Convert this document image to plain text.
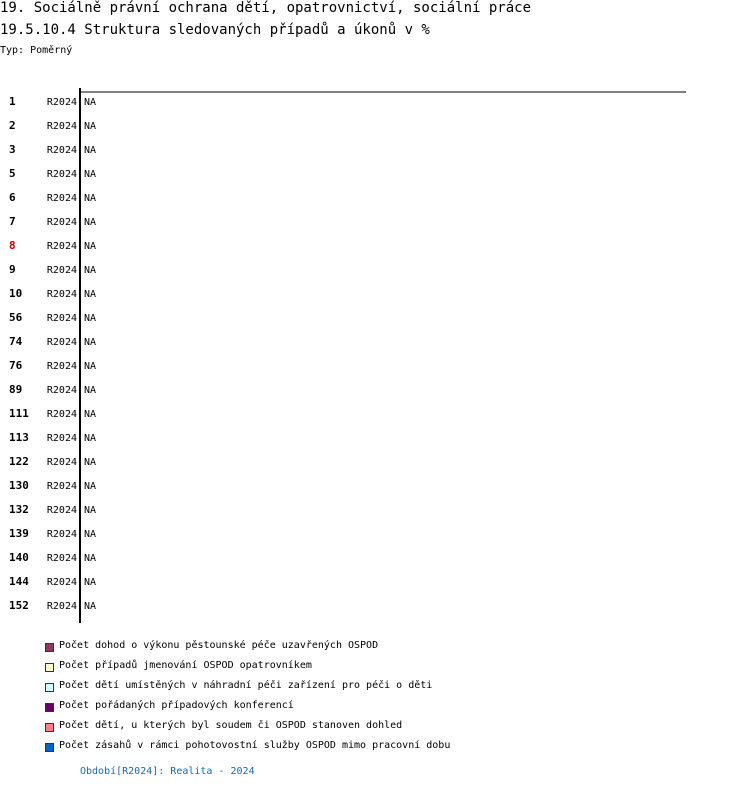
19. Sociálně právní ochrana dětí, opatrovnictví, sociální práce
19.5.10.4 Struktura sledovaných případů a úkonů v %
Typ: Poměrný
1	R2024 NA
2	R2024 NA
3	R2024 NA
5	R2024 NA
6	R2024 NA
7	R2024 NA
8	R2024 NA
9	R2024 NA
10 R2024 NA
56 R2024 NA
74 R2024 NA
76 R2024 NA
89 R2024 NA
111 R2024 NA
113 R2024 NA
122 R2024 NA
130 R2024 NA
132 R2024 NA
139 R2024 NA
140 R2024 NA
144 R2024 NA
152 R2024 NA
Počet dohod o výkonu pěstounské péče uzavřených OSPOD
Počet případů jmenování OSPOD opatrovníkem
Počet dětí umístěných v náhradní péči zařízení pro péči o děti
Počet pořádaných případových konferencí
Počet dětí, u kterých byl soudem či OSPOD stanoven dohled
Počet zásahů v rámci pohotovostní služby OSPOD mimo pracovní dobu
Období[R2024]: Realita - 2024
